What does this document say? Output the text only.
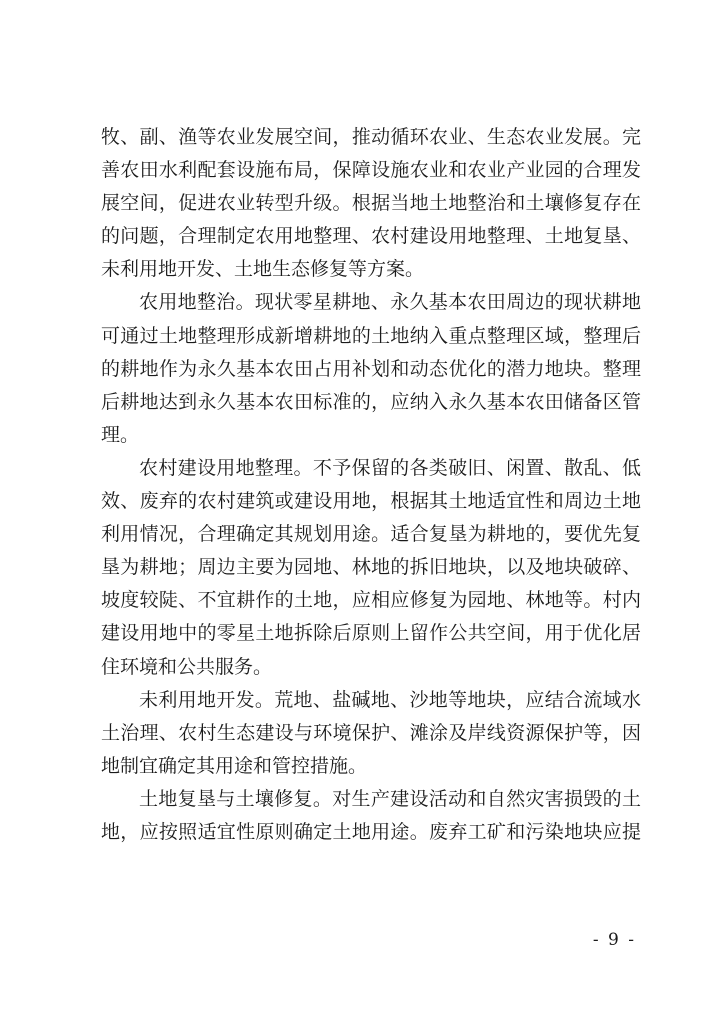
牧、副、渔等农业发展空间，推动循环农业、生态农业发展。完善农田水利配套设施布局，保障设施农业和农业产业园的合理发展空间，促进农业转型升级。根据当地土地整治和土壤修复存在的问题，合理制定农用地整理、农村建设用地整理、土地复垦、未利用地开发、土地生态修复等方案。

农用地整治。现状零星耕地、永久基本农田周边的现状耕地可通过土地整理形成新增耕地的土地纳入重点整理区域，整理后的耕地作为永久基本农田占用补划和动态优化的潜力地块。整理后耕地达到永久基本农田标准的，应纳入永久基本农田储备区管理。

农村建设用地整理。不予保留的各类破旧、闲置、散乱、低效、废弃的农村建筑或建设用地，根据其土地适宜性和周边土地利用情况，合理确定其规划用途。适合复垦为耕地的，要优先复垦为耕地；周边主要为园地、林地的拆旧地块，以及地块破碎、坡度较陡、不宜耕作的土地，应相应修复为园地、林地等。村内建设用地中的零星土地拆除后原则上留作公共空间，用于优化居住环境和公共服务。

未利用地开发。荒地、盐碱地、沙地等地块，应结合流域水土治理、农村生态建设与环境保护、滩涂及岸线资源保护等，因地制宜确定其用途和管控措施。

土地复垦与土壤修复。对生产建设活动和自然灾害损毁的土地，应按照适宜性原则确定土地用途。废弃工矿和污染地块应提

- 9 -
